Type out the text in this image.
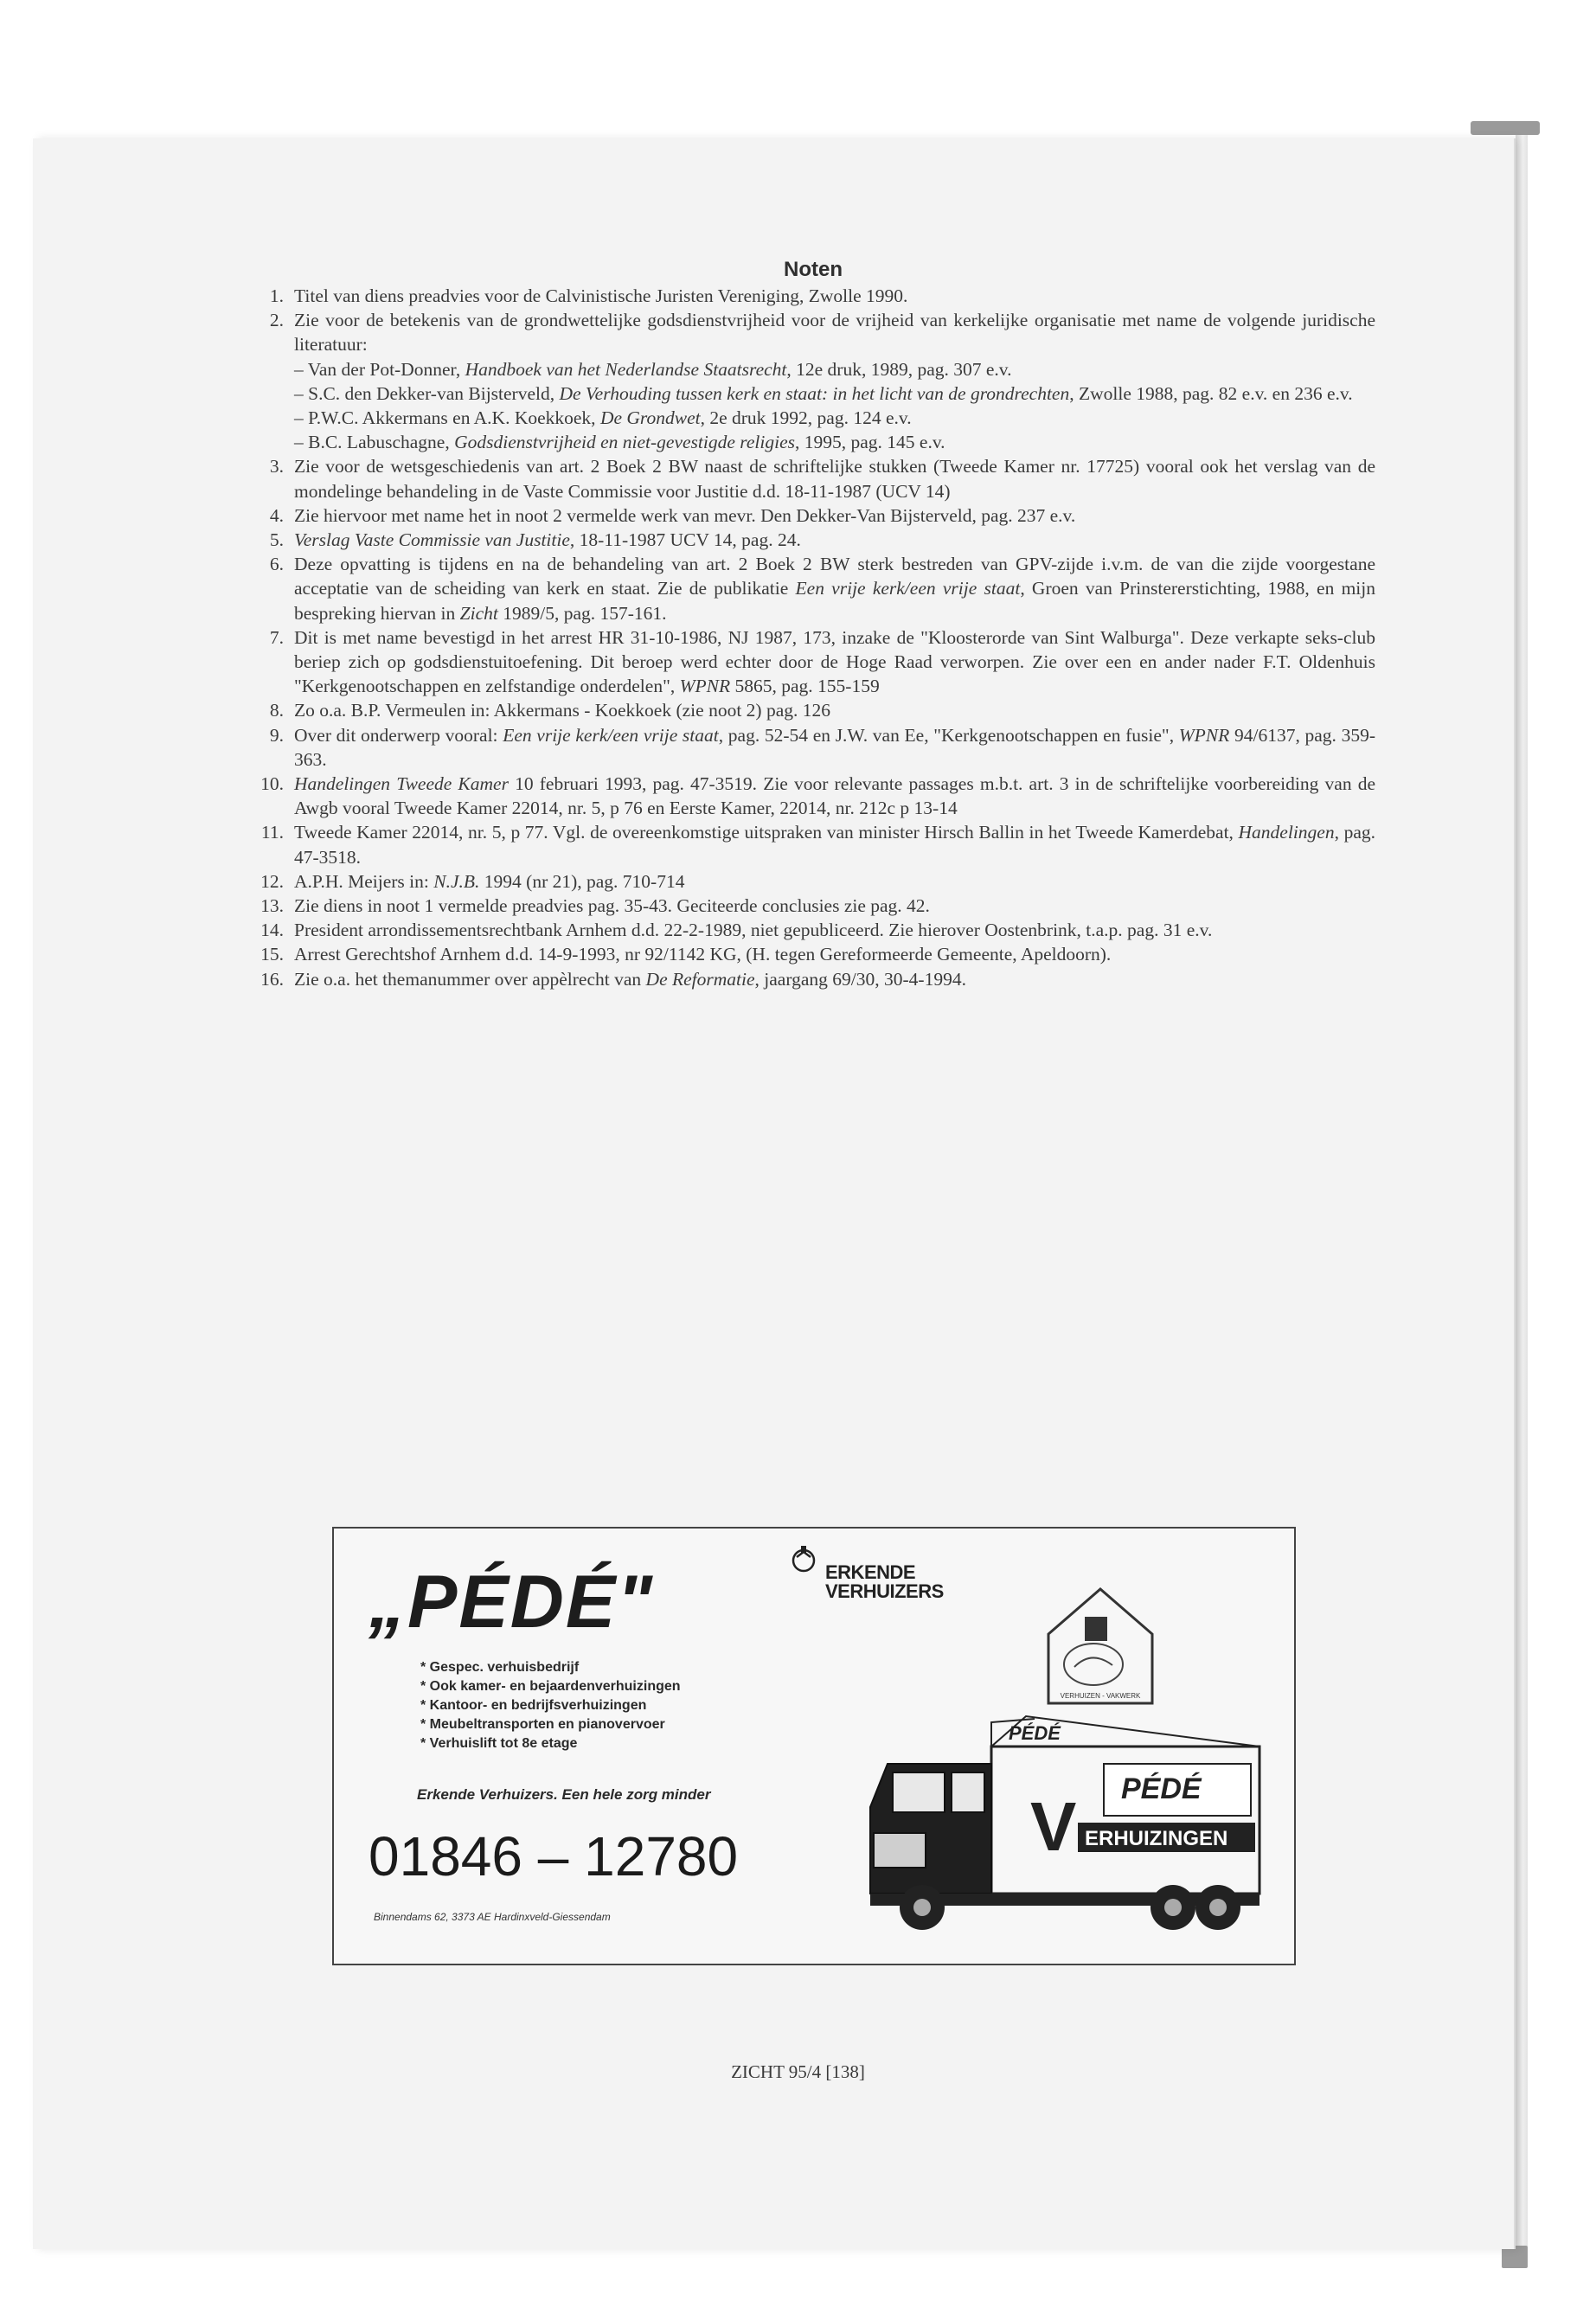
Noten
1. Titel van diens preadvies voor de Calvinistische Juristen Vereniging, Zwolle 1990.
2. Zie voor de betekenis van de grondwettelijke godsdienstvrijheid voor de vrijheid van kerkelijke organisatie met name de volgende juridische literatuur:
– Van der Pot-Donner, Handboek van het Nederlandse Staatsrecht, 12e druk, 1989, pag. 307 e.v.
– S.C. den Dekker-van Bijsterveld, De Verhouding tussen kerk en staat: in het licht van de grondrechten, Zwolle 1988, pag. 82 e.v. en 236 e.v.
– P.W.C. Akkermans en A.K. Koekkoek, De Grondwet, 2e druk 1992, pag. 124 e.v.
– B.C. Labuschagne, Godsdienstvrijheid en niet-gevestigde religies, 1995, pag. 145 e.v.
3. Zie voor de wetsgeschiedenis van art. 2 Boek 2 BW naast de schriftelijke stukken (Tweede Kamer nr. 17725) vooral ook het verslag van de mondelinge behandeling in de Vaste Commissie voor Justitie d.d. 18-11-1987 (UCV 14)
4. Zie hiervoor met name het in noot 2 vermelde werk van mevr. Den Dekker-Van Bijsterveld, pag. 237 e.v.
5. Verslag Vaste Commissie van Justitie, 18-11-1987 UCV 14, pag. 24.
6. Deze opvatting is tijdens en na de behandeling van art. 2 Boek 2 BW sterk bestreden van GPV-zijde i.v.m. de van die zijde voorgestane acceptatie van de scheiding van kerk en staat. Zie de publikatie Een vrije kerk/een vrije staat, Groen van Prinstererstichting, 1988, en mijn bespreking hiervan in Zicht 1989/5, pag. 157-161.
7. Dit is met name bevestigd in het arrest HR 31-10-1986, NJ 1987, 173, inzake de "Kloosterorde van Sint Walburga". Deze verkapte seks-club beriep zich op godsdienstuitoefening. Dit beroep werd echter door de Hoge Raad verworpen. Zie over een en ander nader F.T. Oldenhuis "Kerkgenootschappen en zelfstandige onderdelen", WPNR 5865, pag. 155-159
8. Zo o.a. B.P. Vermeulen in: Akkermans - Koekkoek (zie noot 2) pag. 126
9. Over dit onderwerp vooral: Een vrije kerk/een vrije staat, pag. 52-54 en J.W. van Ee, "Kerkgenootschappen en fusie", WPNR 94/6137, pag. 359-363.
10. Handelingen Tweede Kamer 10 februari 1993, pag. 47-3519. Zie voor relevante passages m.b.t. art. 3 in de schriftelijke voorbereiding van de Awgb vooral Tweede Kamer 22014, nr. 5, p 76 en Eerste Kamer, 22014, nr. 212c p 13-14
11. Tweede Kamer 22014, nr. 5, p 77. Vgl. de overeenkomstige uitspraken van minister Hirsch Ballin in het Tweede Kamerdebat, Handelingen, pag. 47-3518.
12. A.P.H. Meijers in: N.J.B. 1994 (nr 21), pag. 710-714
13. Zie diens in noot 1 vermelde preadvies pag. 35-43. Geciteerde conclusies zie pag. 42.
14. President arrondissementsrechtbank Arnhem d.d. 22-2-1989, niet gepubliceerd. Zie hierover Oostenbrink, t.a.p. pag. 31 e.v.
15. Arrest Gerechtshof Arnhem d.d. 14-9-1993, nr 92/1142 KG, (H. tegen Gereformeerde Gemeente, Apeldoorn).
16. Zie o.a. het themanummer over appèlrecht van De Reformatie, jaargang 69/30, 30-4-1994.
„PÉDÉ"	ERKENDE
VERHUIZERS
VERHUIZEN - VAKWERK
* Gespec. verhuisbedrijf
* Ook kamer- en bejaardenverhuizingen
* Kantoor- en bedrijfsverhuizingen
* Meubeltransporten en pianovervoer
* Verhuislift tot 8e etage
Erkende Verhuizers. Een hele zorg minder
01846 – 12780
Binnendams 62, 3373 AE Hardinxveld-Giessendam
PÉDÉ
PÉDÉ
V ERHUIZINGEN
ZICHT 95/4 [138]
